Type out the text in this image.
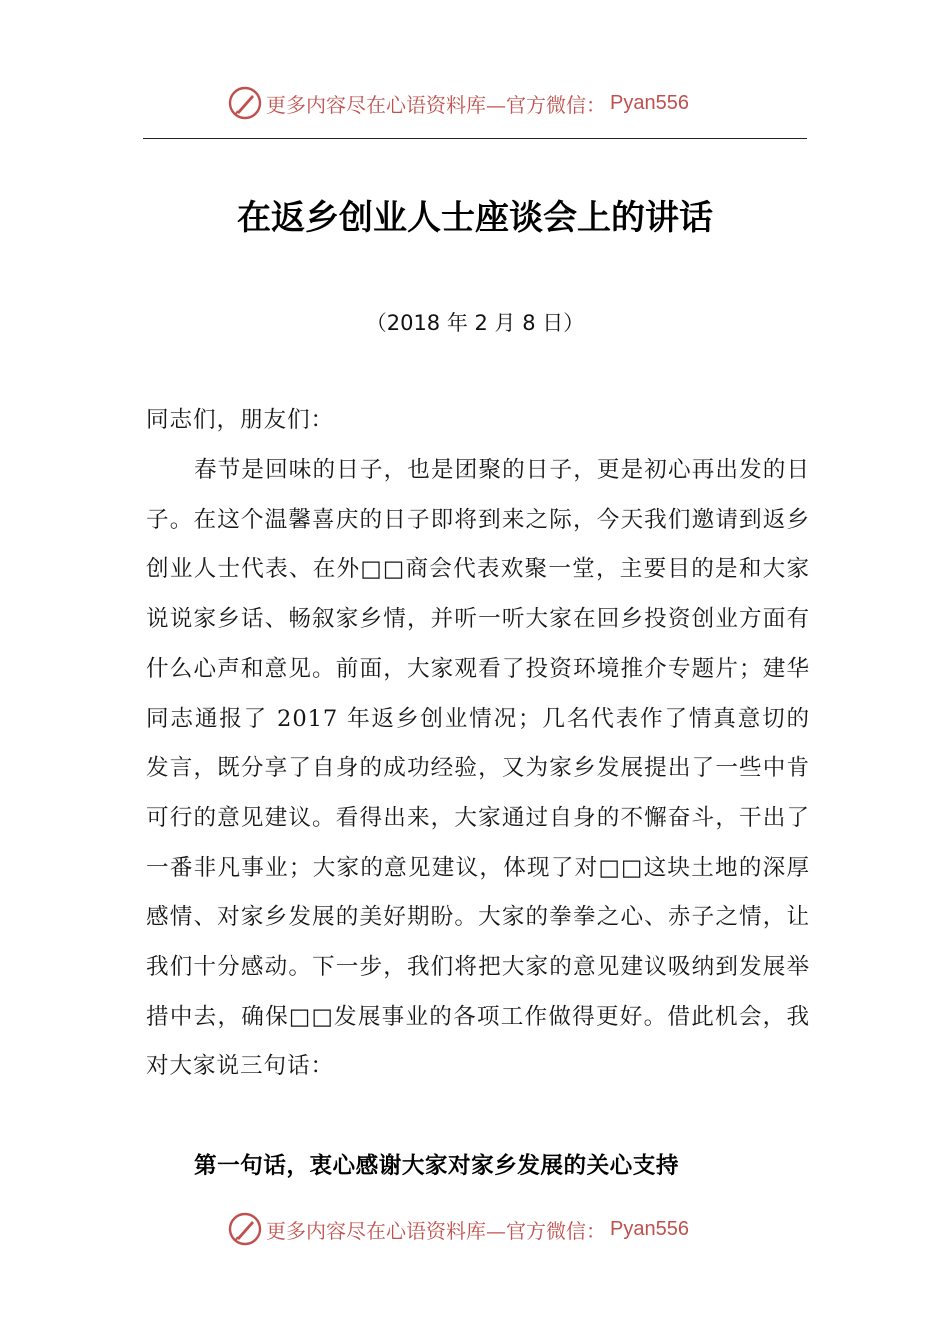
更多内容尽在心语资料库—官方微信： Pyan556
在返乡创业人士座谈会上的讲话
（2018 年 2 月 8 日）
同志们，朋友们：
春节是回味的日子，也是团聚的日子，更是初心再出发的日子。在这个温馨喜庆的日子即将到来之际，今天我们邀请到返乡创业人士代表、在外□□商会代表欢聚一堂，主要目的是和大家说说家乡话、畅叙家乡情，并听一听大家在回乡投资创业方面有什么心声和意见。前面，大家观看了投资环境推介专题片；建华同志通报了 2017 年返乡创业情况；几名代表作了情真意切的发言，既分享了自身的成功经验，又为家乡发展提出了一些中肯可行的意见建议。看得出来，大家通过自身的不懈奋斗，干出了一番非凡事业；大家的意见建议，体现了对□□这块土地的深厚感情、对家乡发展的美好期盼。大家的拳拳之心、赤子之情，让我们十分感动。下一步，我们将把大家的意见建议吸纳到发展举措中去，确保□□发展事业的各项工作做得更好。借此机会，我对大家说三句话：
第一句话，衷心感谢大家对家乡发展的关心支持
更多内容尽在心语资料库—官方微信： Pyan556
